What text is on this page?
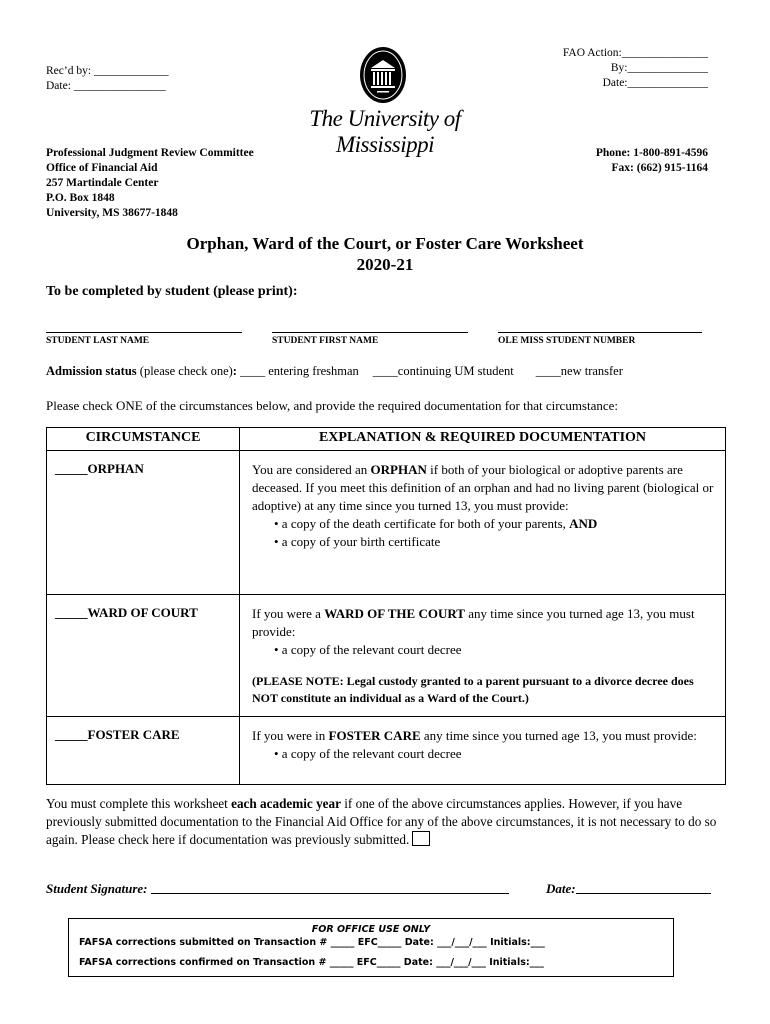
Rec’d by: _____________
Date: ________________
The University of Mississippi
FAO Action:_______________
By:______________
Date:______________
Professional Judgment Review Committee
Office of Financial Aid
257 Martindale Center
P.O. Box 1848
University, MS 38677-1848
Phone: 1-800-891-4596
Fax: (662) 915-1164
Orphan, Ward of the Court, or Foster Care Worksheet
2020-21
To be completed by student (please print):
STUDENT LAST NAME	STUDENT FIRST NAME	OLE MISS STUDENT NUMBER
Admission status (please check one): ____ entering freshman ____continuing UM student ____new transfer
Please check ONE of the circumstances below, and provide the required documentation for that circumstance:
CIRCUMSTANCE	EXPLANATION & REQUIRED DOCUMENTATION
_____ORPHAN	You are considered an ORPHAN if both of your biological or adoptive parents are deceased. If you meet this definition of an orphan and had no living parent (biological or adoptive) at any time since you turned 13, you must provide:
• a copy of the death certificate for both of your parents, AND
• a copy of your birth certificate

_____WARD OF COURT	If you were a WARD OF THE COURT any time since you turned age 13, you must provide:
• a copy of the relevant court decree
(PLEASE NOTE: Legal custody granted to a parent pursuant to a divorce decree does NOT constitute an individual as a Ward of the Court.)

_____FOSTER CARE	If you were in FOSTER CARE any time since you turned age 13, you must provide:
• a copy of the relevant court decree
You must complete this worksheet each academic year if one of the above circumstances applies. However, if you have previously submitted documentation to the Financial Aid Office for any of the above circumstances, it is not necessary to do so again. Please check here if documentation was previously submitted.
Student Signature:	Date:
FOR OFFICE USE ONLY
FAFSA corrections submitted on Transaction # _____ EFC_____ Date: ___/___/___ Initials:___
FAFSA corrections confirmed on Transaction # _____ EFC_____ Date: ___/___/___ Initials:___
